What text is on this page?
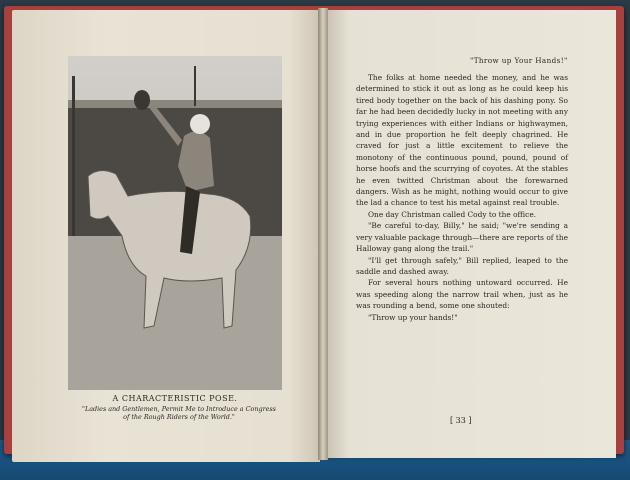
A CHARACTERISTIC POSE.
"Ladies and Gentlemen, Permit Me to Introduce a Congress
of the Rough Riders of the World."
"Throw up Your Hands!"

The folks at home needed the money, and he was determined to stick it out as long as he could keep his tired body together on the back of his dashing pony. So far he had been decidedly lucky in not meeting with any trying experiences with either Indians or highwaymen, and in due proportion he felt deeply chagrined. He craved for just a little excitement to relieve the monotony of the continuous pound, pound, pound of horse hoofs and the scurrying of coyotes. At the stables he even twitted Christman about the forewarned dangers. Wish as he might, nothing would occur to give the lad a chance to test his metal against real trouble.

One day Christman called Cody to the office.

"Be careful to-day, Billy," he said; "we're sending a very valuable package through—there are reports of the Halloway gang along the trail."

"I'll get through safely," Bill replied, leaped to the saddle and dashed away.

For several hours nothing untoward occurred. He was speeding along the narrow trail when, just as he was rounding a bend, some one shouted:

"Throw up your hands!"

[ 33 ]
